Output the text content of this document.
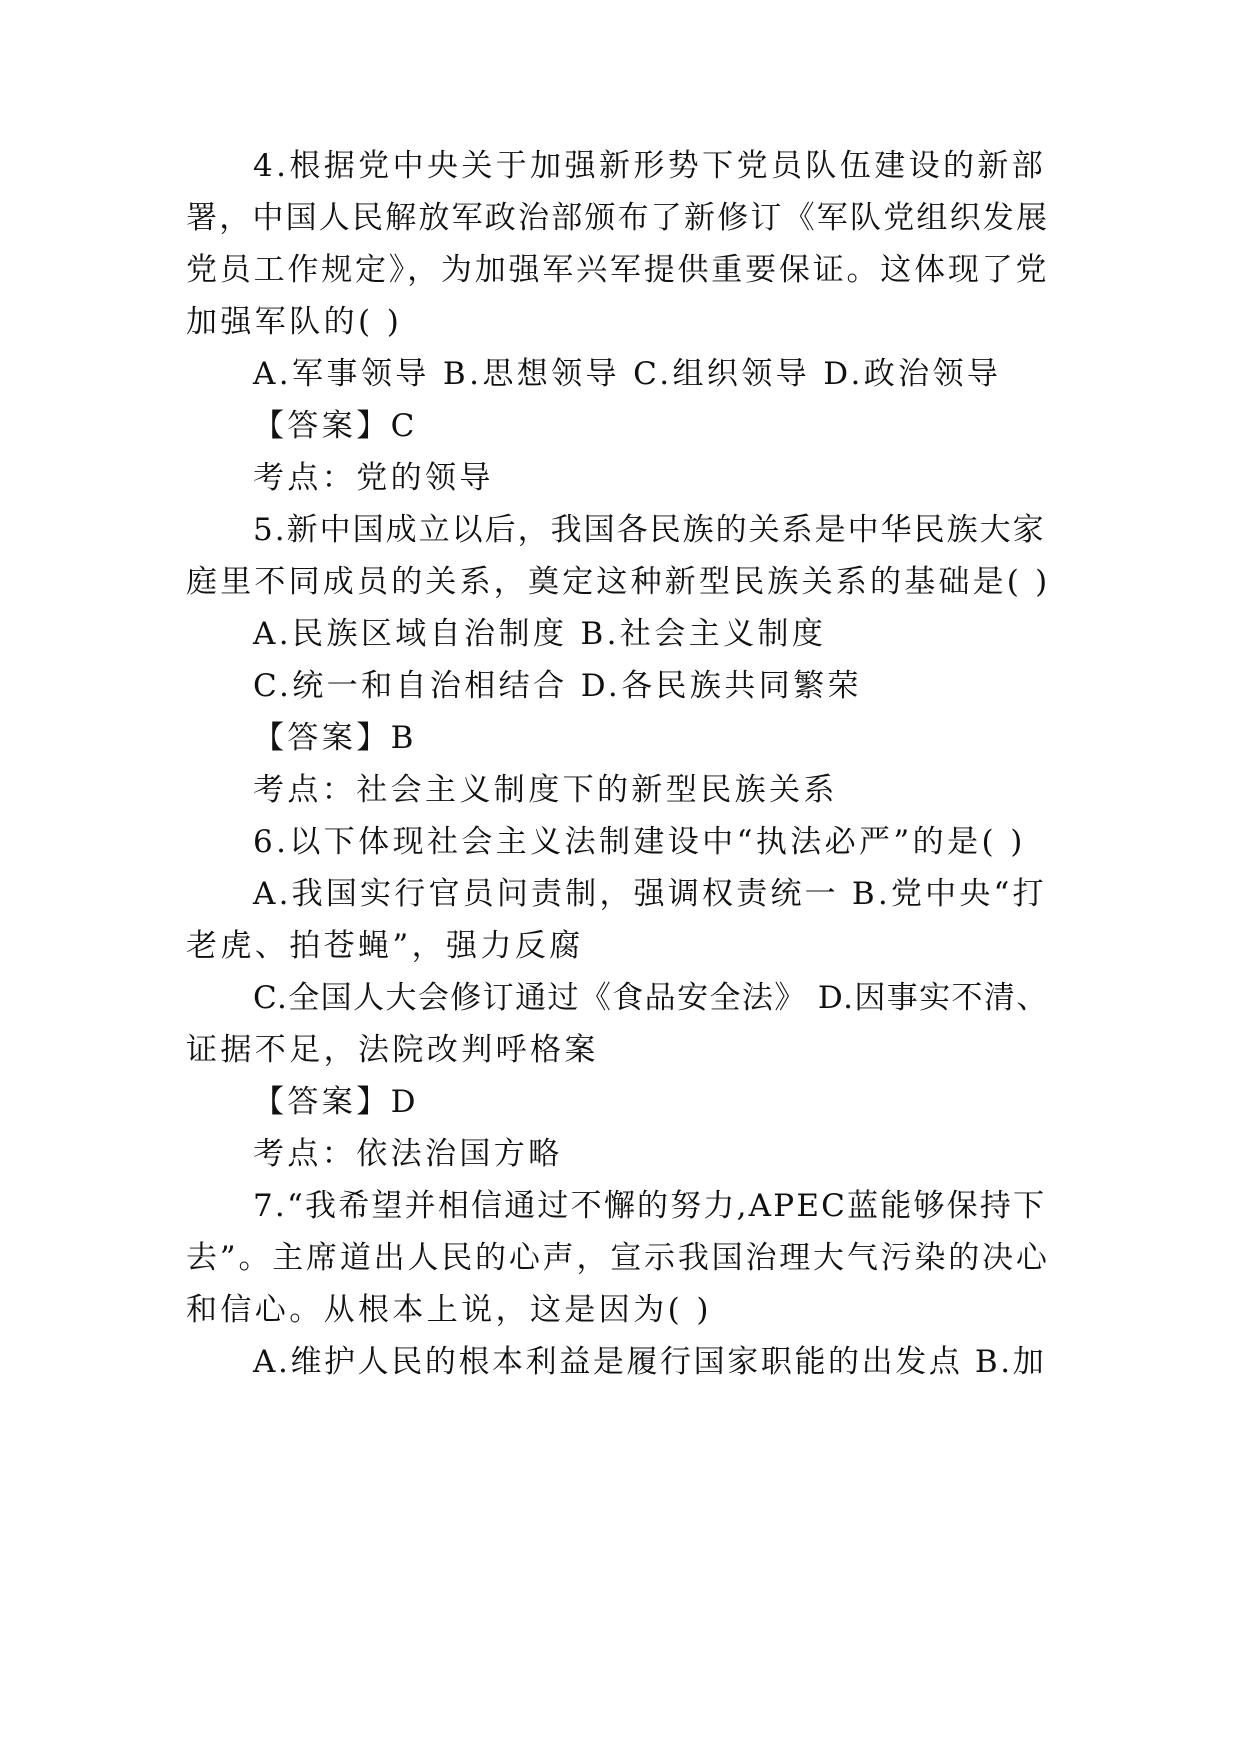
4.根据党中央关于加强新形势下党员队伍建设的新部
署，中国人民解放军政治部颁布了新修订《军队党组织发展
党员工作规定》，为加强军兴军提供重要保证。这体现了党
加强军队的( )
A.军事领导 B.思想领导 C.组织领导 D.政治领导
【答案】C
考点：党的领导
5.新中国成立以后，我国各民族的关系是中华民族大家
庭里不同成员的关系，奠定这种新型民族关系的基础是( )
A.民族区域自治制度 B.社会主义制度
C.统一和自治相结合 D.各民族共同繁荣
【答案】B
考点：社会主义制度下的新型民族关系
6.以下体现社会主义法制建设中“执法必严”的是( )
A.我国实行官员问责制，强调权责统一 B.党中央“打
老虎、拍苍蝇”，强力反腐
C.全国人大会修订通过《食品安全法》 D.因事实不清、
证据不足，法院改判呼格案
【答案】D
考点：依法治国方略
7.“我希望并相信通过不懈的努力,APEC蓝能够保持下
去”。主席道出人民的心声，宣示我国治理大气污染的决心
和信心。从根本上说，这是因为( )
A.维护人民的根本利益是履行国家职能的出发点 B.加
